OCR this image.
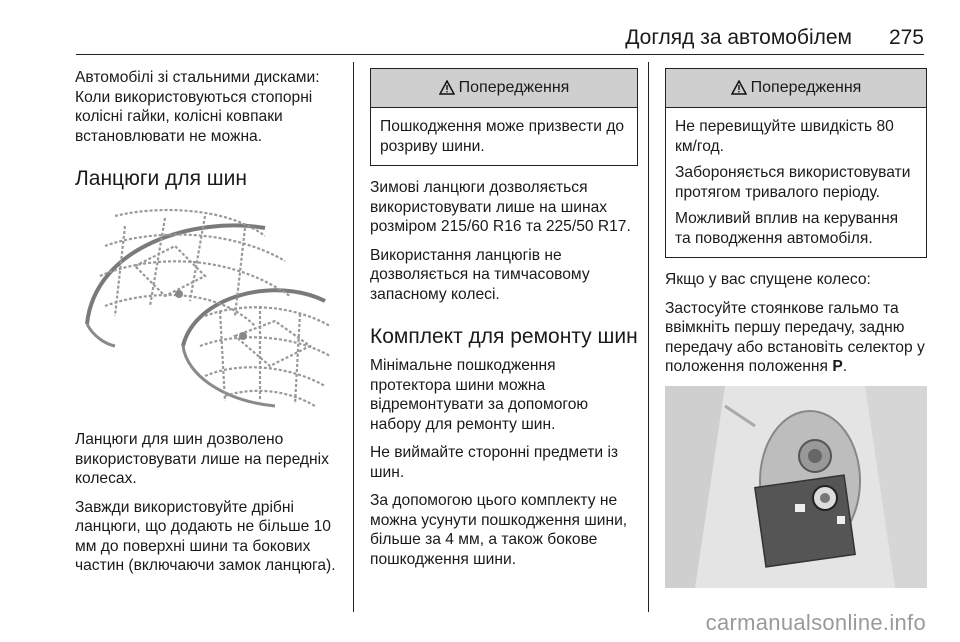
Догляд за автомобілем 275

Автомобілі зі стальними дисками: Коли використовуються стопорні колісні гайки, колісні ковпаки встановлювати не можна.

Ланцюги для шин

Ланцюги для шин дозволено використовувати лише на передніх колесах.

Завжди використовуйте дрібні ланцюги, що додають не більше 10 мм до поверхні шини та бокових частин (включаючи замок ланцюга).

Попередження

Пошкодження може призвести до розриву шини.

Зимові ланцюги дозволяється використовувати лише на шинах розміром 215/60 R16 та 225/50 R17.

Використання ланцюгів не дозволяється на тимчасовому запасному колесі.

Комплект для ремонту шин

Мінімальне пошкодження протектора шини можна відремонтувати за допомогою набору для ремонту шин.

Не виймайте сторонні предмети із шин.

За допомогою цього комплекту не можна усунути пошкодження шини, більше за 4 мм, а також бокове пошкодження шини.

Попередження

Не перевищуйте швидкість 80 км/год.

Забороняється використовувати протягом тривалого періоду.

Можливий вплив на керування та поводження автомобіля.

Якщо у вас спущене колесо:

Застосуйте стоянкове гальмо та ввімкніть першу передачу, задню передачу або встановіть селектор у положення положення P.

carmanualsonline.info
